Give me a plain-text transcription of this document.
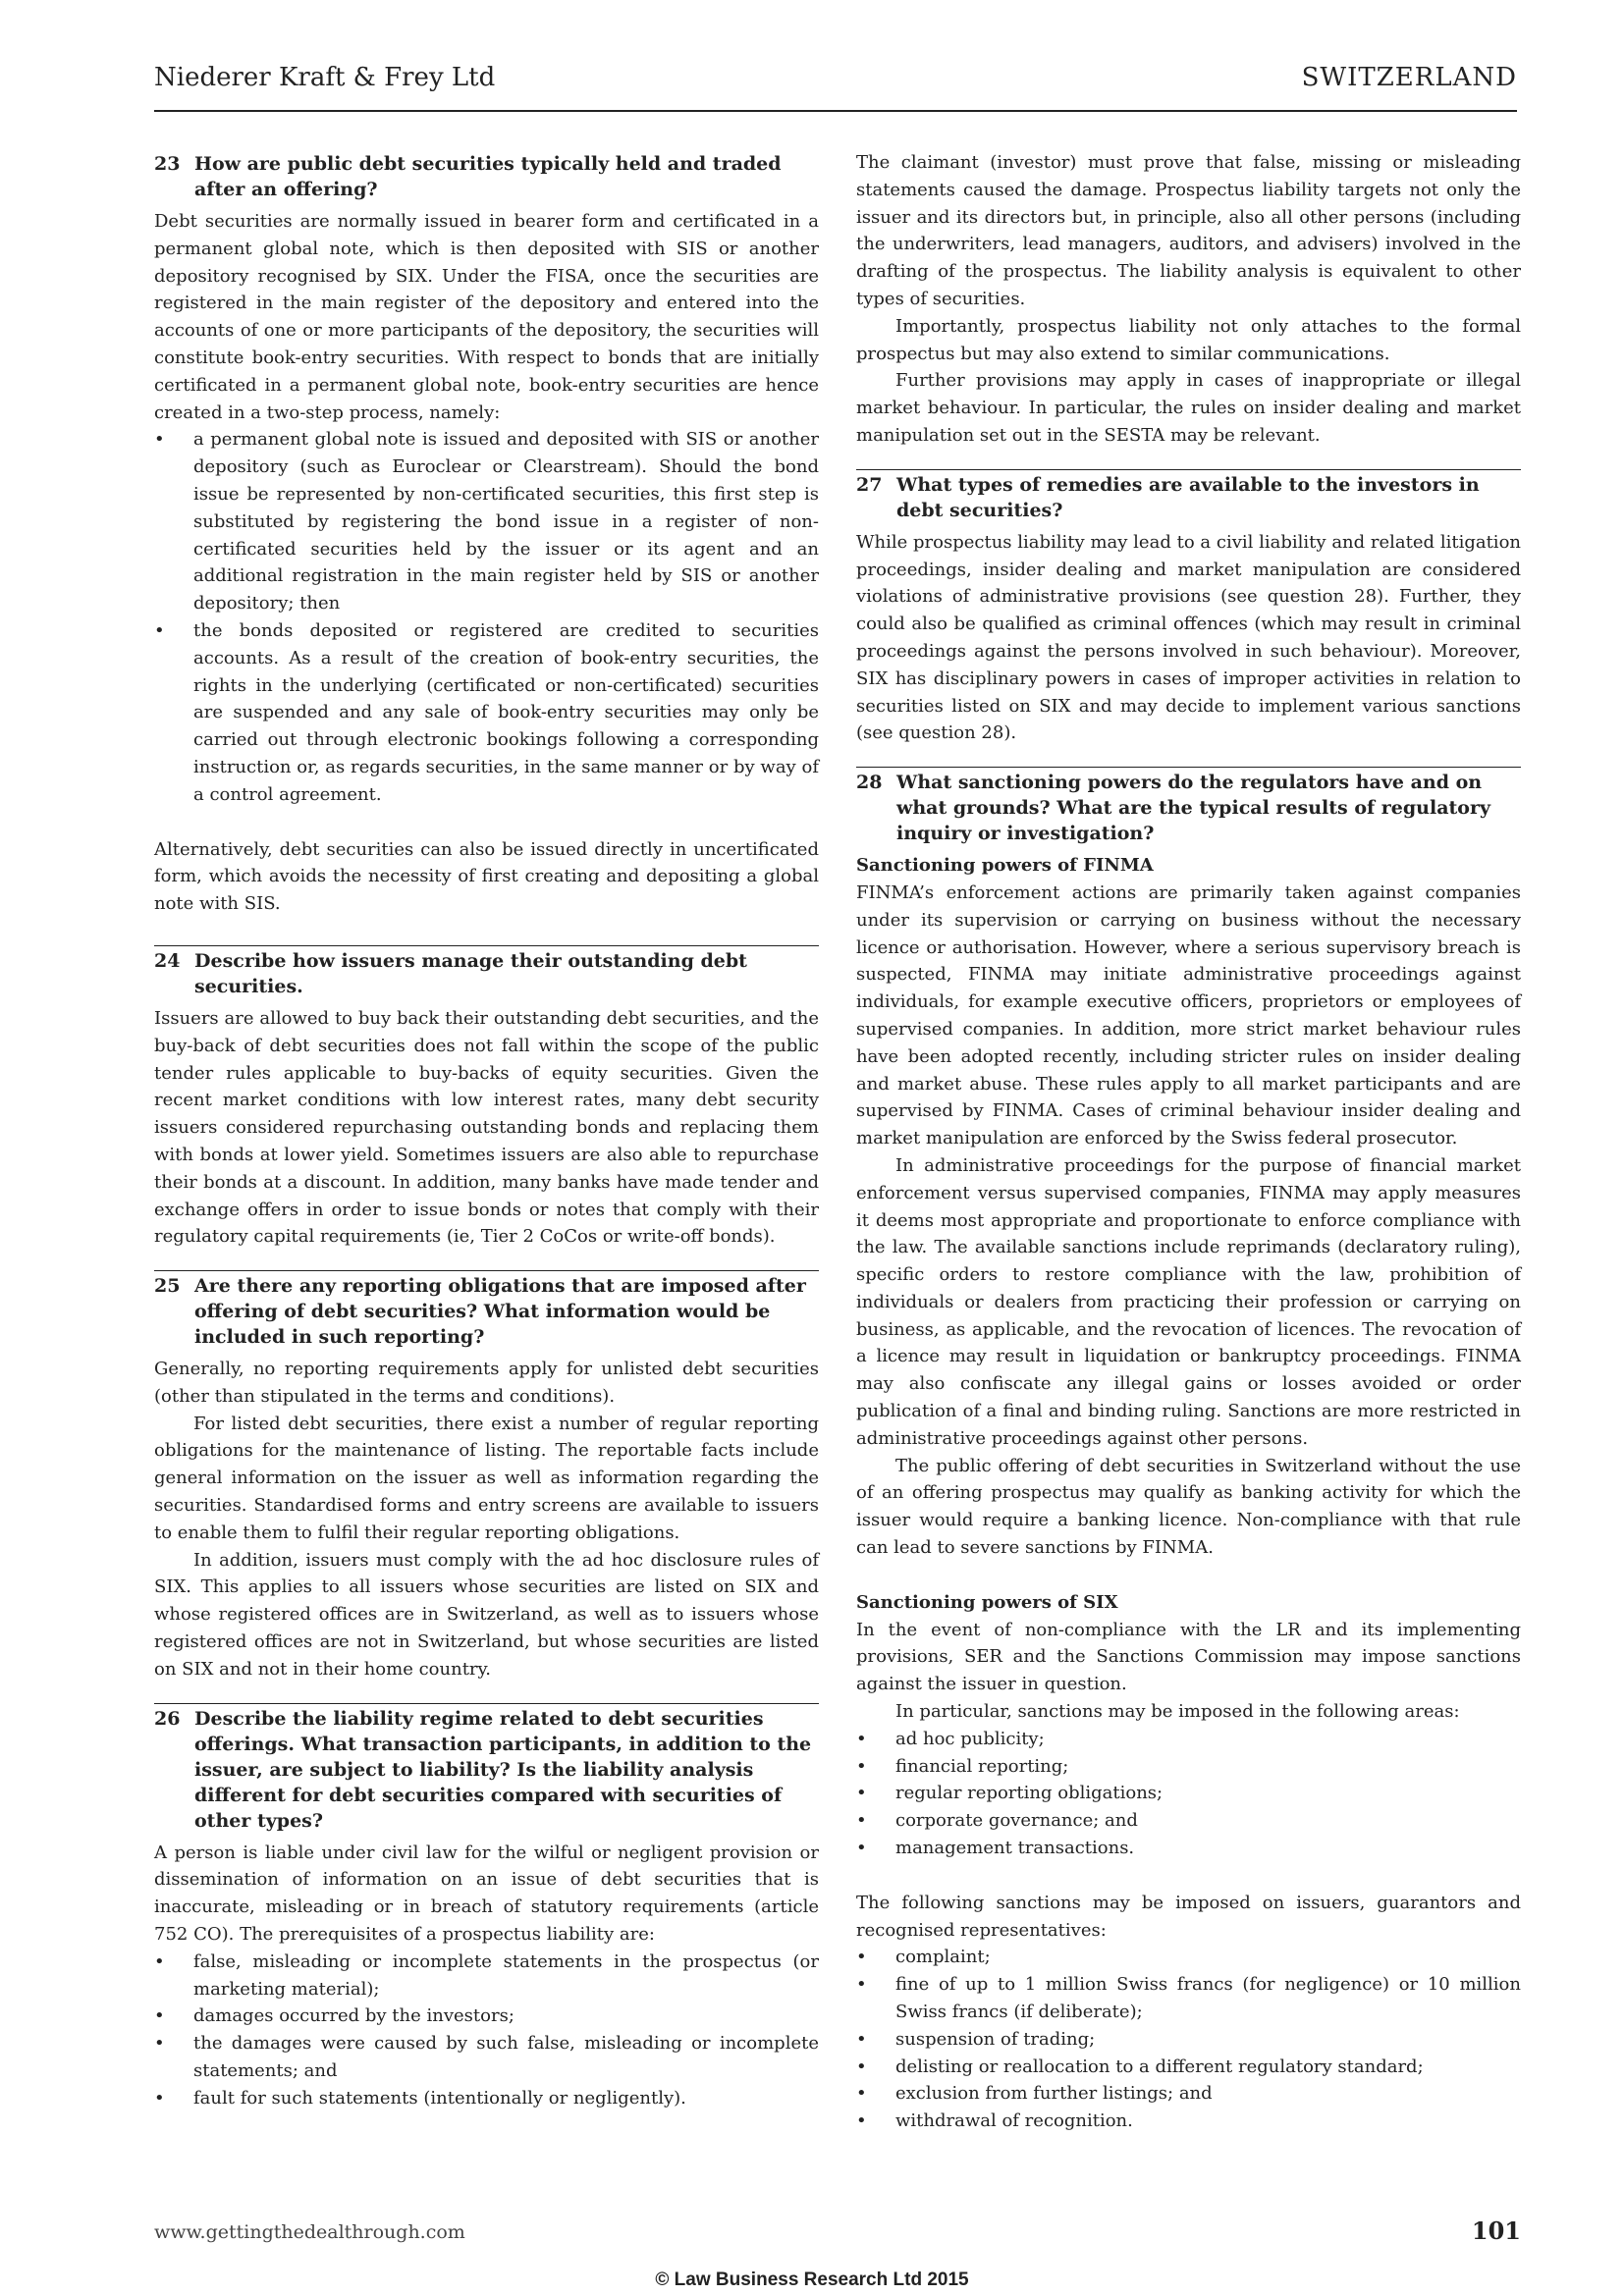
Niederer Kraft & Frey Ltd	SWITZERLAND
23 How are public debt securities typically held and traded after an offering?

Debt securities are normally issued in bearer form and certificated in a permanent global note, which is then deposited with SIS or another depository recognised by SIX. Under the FISA, once the securities are registered in the main register of the depository and entered into the accounts of one or more participants of the depository, the securities will constitute book-entry securities. With respect to bonds that are initially certificated in a permanent global note, book-entry securities are hence created in a two-step process, namely:

• a permanent global note is issued and deposited with SIS or another depository (such as Euroclear or Clearstream). Should the bond issue be represented by non-certificated securities, this first step is substituted by registering the bond issue in a register of non-certificated securities held by the issuer or its agent and an additional registration in the main register held by SIS or another depository; then
• the bonds deposited or registered are credited to securities accounts. As a result of the creation of book-entry securities, the rights in the underlying (certificated or non-certificated) securities are suspended and any sale of book-entry securities may only be carried out through electronic bookings following a corresponding instruction or, as regards securities, in the same manner or by way of a control agreement.

Alternatively, debt securities can also be issued directly in uncertificated form, which avoids the necessity of first creating and depositing a global note with SIS.

24 Describe how issuers manage their outstanding debt securities.

Issuers are allowed to buy back their outstanding debt securities, and the buy-back of debt securities does not fall within the scope of the public tender rules applicable to buy-backs of equity securities. Given the recent market conditions with low interest rates, many debt security issuers considered repurchasing outstanding bonds and replacing them with bonds at lower yield. Sometimes issuers are also able to repurchase their bonds at a discount. In addition, many banks have made tender and exchange offers in order to issue bonds or notes that comply with their regulatory capital requirements (ie, Tier 2 CoCos or write-off bonds).

25 Are there any reporting obligations that are imposed after offering of debt securities? What information would be included in such reporting?

Generally, no reporting requirements apply for unlisted debt securities (other than stipulated in the terms and conditions).

For listed debt securities, there exist a number of regular reporting obligations for the maintenance of listing. The reportable facts include general information on the issuer as well as information regarding the securities. Standardised forms and entry screens are available to issuers to enable them to fulfil their regular reporting obligations.

In addition, issuers must comply with the ad hoc disclosure rules of SIX. This applies to all issuers whose securities are listed on SIX and whose registered offices are in Switzerland, as well as to issuers whose registered offices are not in Switzerland, but whose securities are listed on SIX and not in their home country.

26 Describe the liability regime related to debt securities offerings. What transaction participants, in addition to the issuer, are subject to liability? Is the liability analysis different for debt securities compared with securities of other types?

A person is liable under civil law for the wilful or negligent provision or dissemination of information on an issue of debt securities that is inaccurate, misleading or in breach of statutory requirements (article 752 CO). The prerequisites of a prospectus liability are:

• false, misleading or incomplete statements in the prospectus (or marketing material);
• damages occurred by the investors;
• the damages were caused by such false, misleading or incomplete statements; and
• fault for such statements (intentionally or negligently).

The claimant (investor) must prove that false, missing or misleading statements caused the damage. Prospectus liability targets not only the issuer and its directors but, in principle, also all other persons (including the underwriters, lead managers, auditors, and advisers) involved in the drafting of the prospectus. The liability analysis is equivalent to other types of securities.

Importantly, prospectus liability not only attaches to the formal prospectus but may also extend to similar communications.

Further provisions may apply in cases of inappropriate or illegal market behaviour. In particular, the rules on insider dealing and market manipulation set out in the SESTA may be relevant.

27 What types of remedies are available to the investors in debt securities?

While prospectus liability may lead to a civil liability and related litigation proceedings, insider dealing and market manipulation are considered violations of administrative provisions (see question 28). Further, they could also be qualified as criminal offences (which may result in criminal proceedings against the persons involved in such behaviour). Moreover, SIX has disciplinary powers in cases of improper activities in relation to securities listed on SIX and may decide to implement various sanctions (see question 28).

28 What sanctioning powers do the regulators have and on what grounds? What are the typical results of regulatory inquiry or investigation?

Sanctioning powers of FINMA

FINMA’s enforcement actions are primarily taken against companies under its supervision or carrying on business without the necessary licence or authorisation. However, where a serious supervisory breach is suspected, FINMA may initiate administrative proceedings against individuals, for example executive officers, proprietors or employees of supervised companies. In addition, more strict market behaviour rules have been adopted recently, including stricter rules on insider dealing and market abuse. These rules apply to all market participants and are supervised by FINMA. Cases of criminal behaviour insider dealing and market manipulation are enforced by the Swiss federal prosecutor.

In administrative proceedings for the purpose of financial market enforcement versus supervised companies, FINMA may apply measures it deems most appropriate and proportionate to enforce compliance with the law. The available sanctions include reprimands (declaratory ruling), specific orders to restore compliance with the law, prohibition of individuals or dealers from practicing their profession or carrying on business, as applicable, and the revocation of licences. The revocation of a licence may result in liquidation or bankruptcy proceedings. FINMA may also confiscate any illegal gains or losses avoided or order publication of a final and binding ruling. Sanctions are more restricted in administrative proceedings against other persons.

The public offering of debt securities in Switzerland without the use of an offering prospectus may qualify as banking activity for which the issuer would require a banking licence. Non-compliance with that rule can lead to severe sanctions by FINMA.

Sanctioning powers of SIX

In the event of non-compliance with the LR and its implementing provisions, SER and the Sanctions Commission may impose sanctions against the issuer in question.

In particular, sanctions may be imposed in the following areas:

• ad hoc publicity;
• financial reporting;
• regular reporting obligations;
• corporate governance; and
• management transactions.

The following sanctions may be imposed on issuers, guarantors and recognised representatives:

• complaint;
• fine of up to 1 million Swiss francs (for negligence) or 10 million Swiss francs (if deliberate);
• suspension of trading;
• delisting or reallocation to a different regulatory standard;
• exclusion from further listings; and
• withdrawal of recognition.
www.gettingthedealthrough.com	101
© Law Business Research Ltd 2015
